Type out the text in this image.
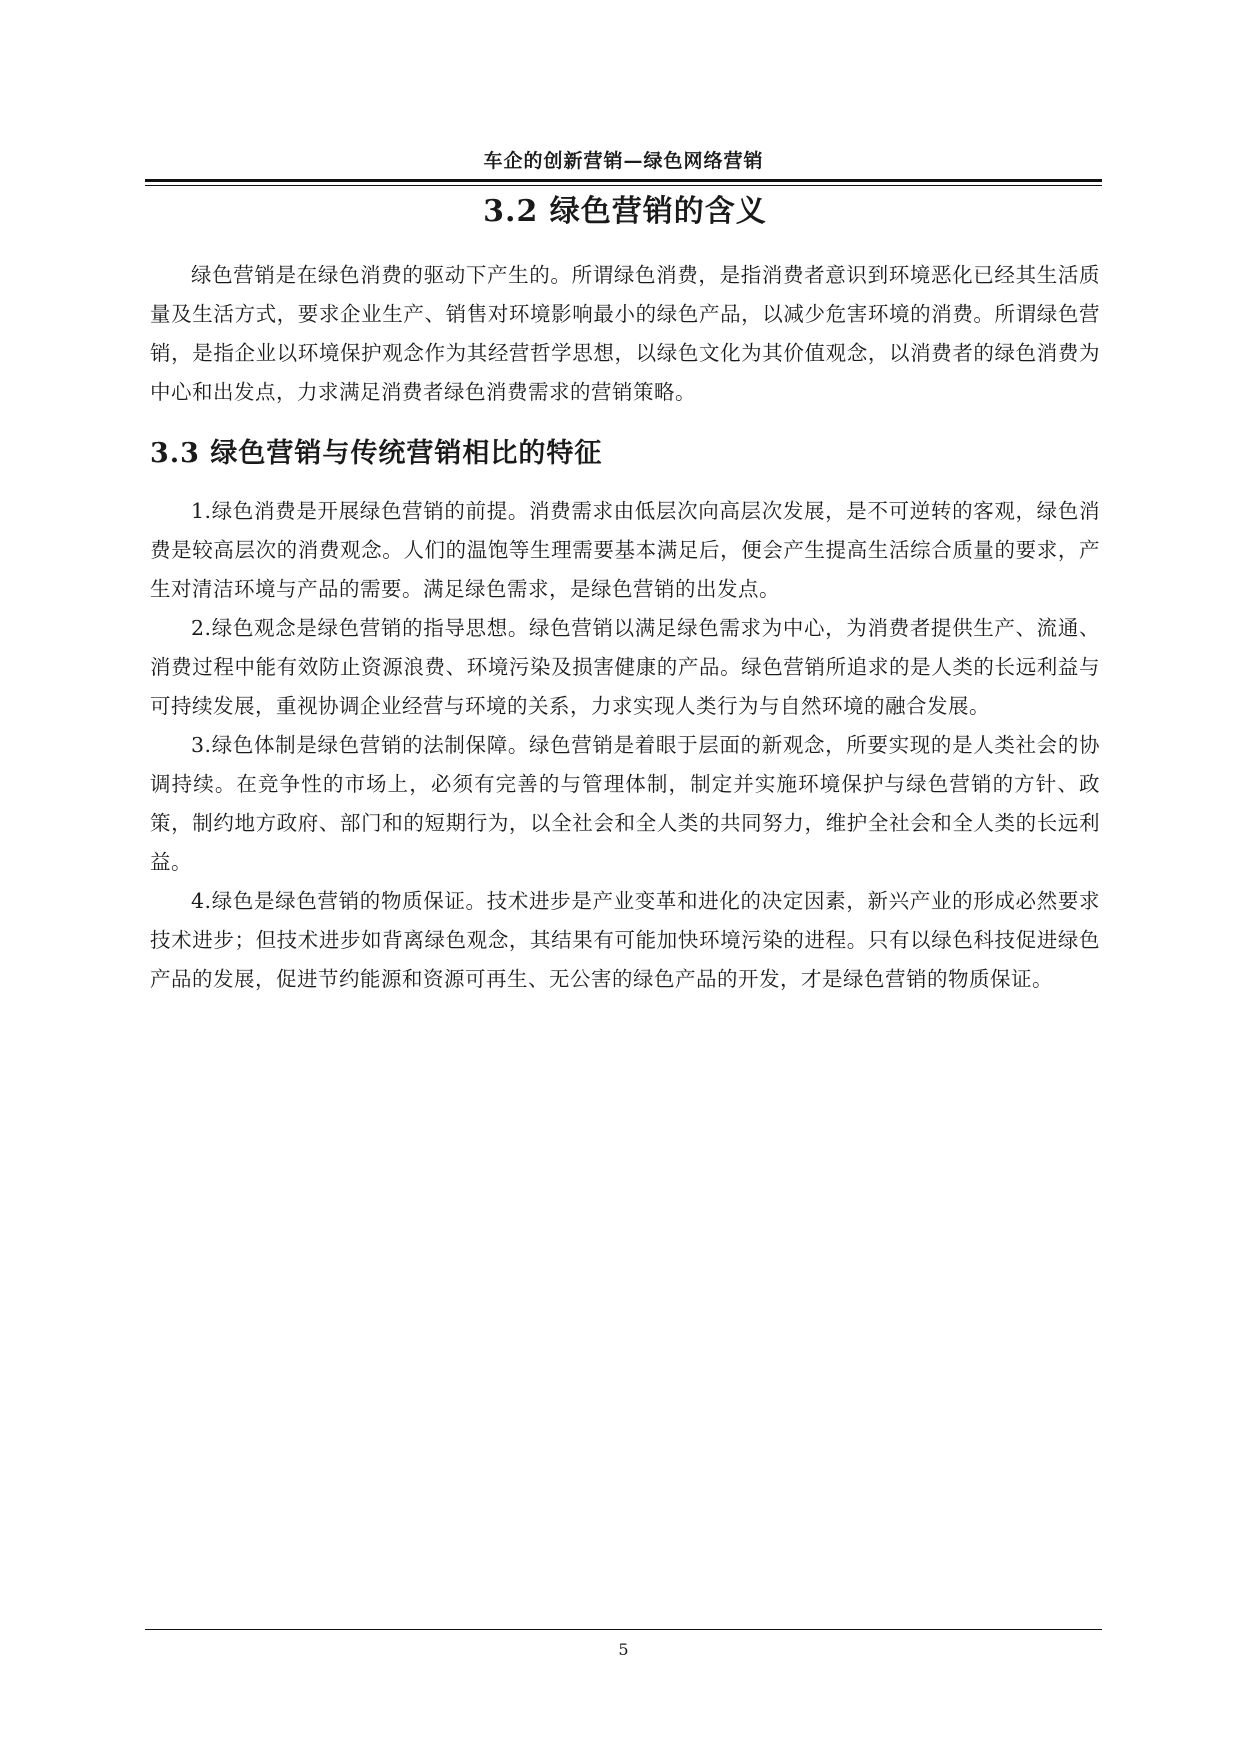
车企的创新营销—绿色网络营销
3.2 绿色营销的含义

绿色营销是在绿色消费的驱动下产生的。所谓绿色消费，是指消费者意识到环境恶化已经其生活质量及生活方式，要求企业生产、销售对环境影响最小的绿色产品，以减少危害环境的消费。所谓绿色营销，是指企业以环境保护观念作为其经营哲学思想，以绿色文化为其价值观念，以消费者的绿色消费为中心和出发点，力求满足消费者绿色消费需求的营销策略。

3.3 绿色营销与传统营销相比的特征

1.绿色消费是开展绿色营销的前提。消费需求由低层次向高层次发展，是不可逆转的客观，绿色消费是较高层次的消费观念。人们的温饱等生理需要基本满足后，便会产生提高生活综合质量的要求，产生对清洁环境与产品的需要。满足绿色需求，是绿色营销的出发点。

2.绿色观念是绿色营销的指导思想。绿色营销以满足绿色需求为中心，为消费者提供生产、流通、消费过程中能有效防止资源浪费、环境污染及损害健康的产品。绿色营销所追求的是人类的长远利益与可持续发展，重视协调企业经营与环境的关系，力求实现人类行为与自然环境的融合发展。

3.绿色体制是绿色营销的法制保障。绿色营销是着眼于层面的新观念，所要实现的是人类社会的协调持续。在竞争性的市场上，必须有完善的与管理体制，制定并实施环境保护与绿色营销的方针、政策，制约地方政府、部门和的短期行为，以全社会和全人类的共同努力，维护全社会和全人类的长远利益。

4.绿色是绿色营销的物质保证。技术进步是产业变革和进化的决定因素，新兴产业的形成必然要求技术进步；但技术进步如背离绿色观念，其结果有可能加快环境污染的进程。只有以绿色科技促进绿色产品的发展，促进节约能源和资源可再生、无公害的绿色产品的开发，才是绿色营销的物质保证。

5
